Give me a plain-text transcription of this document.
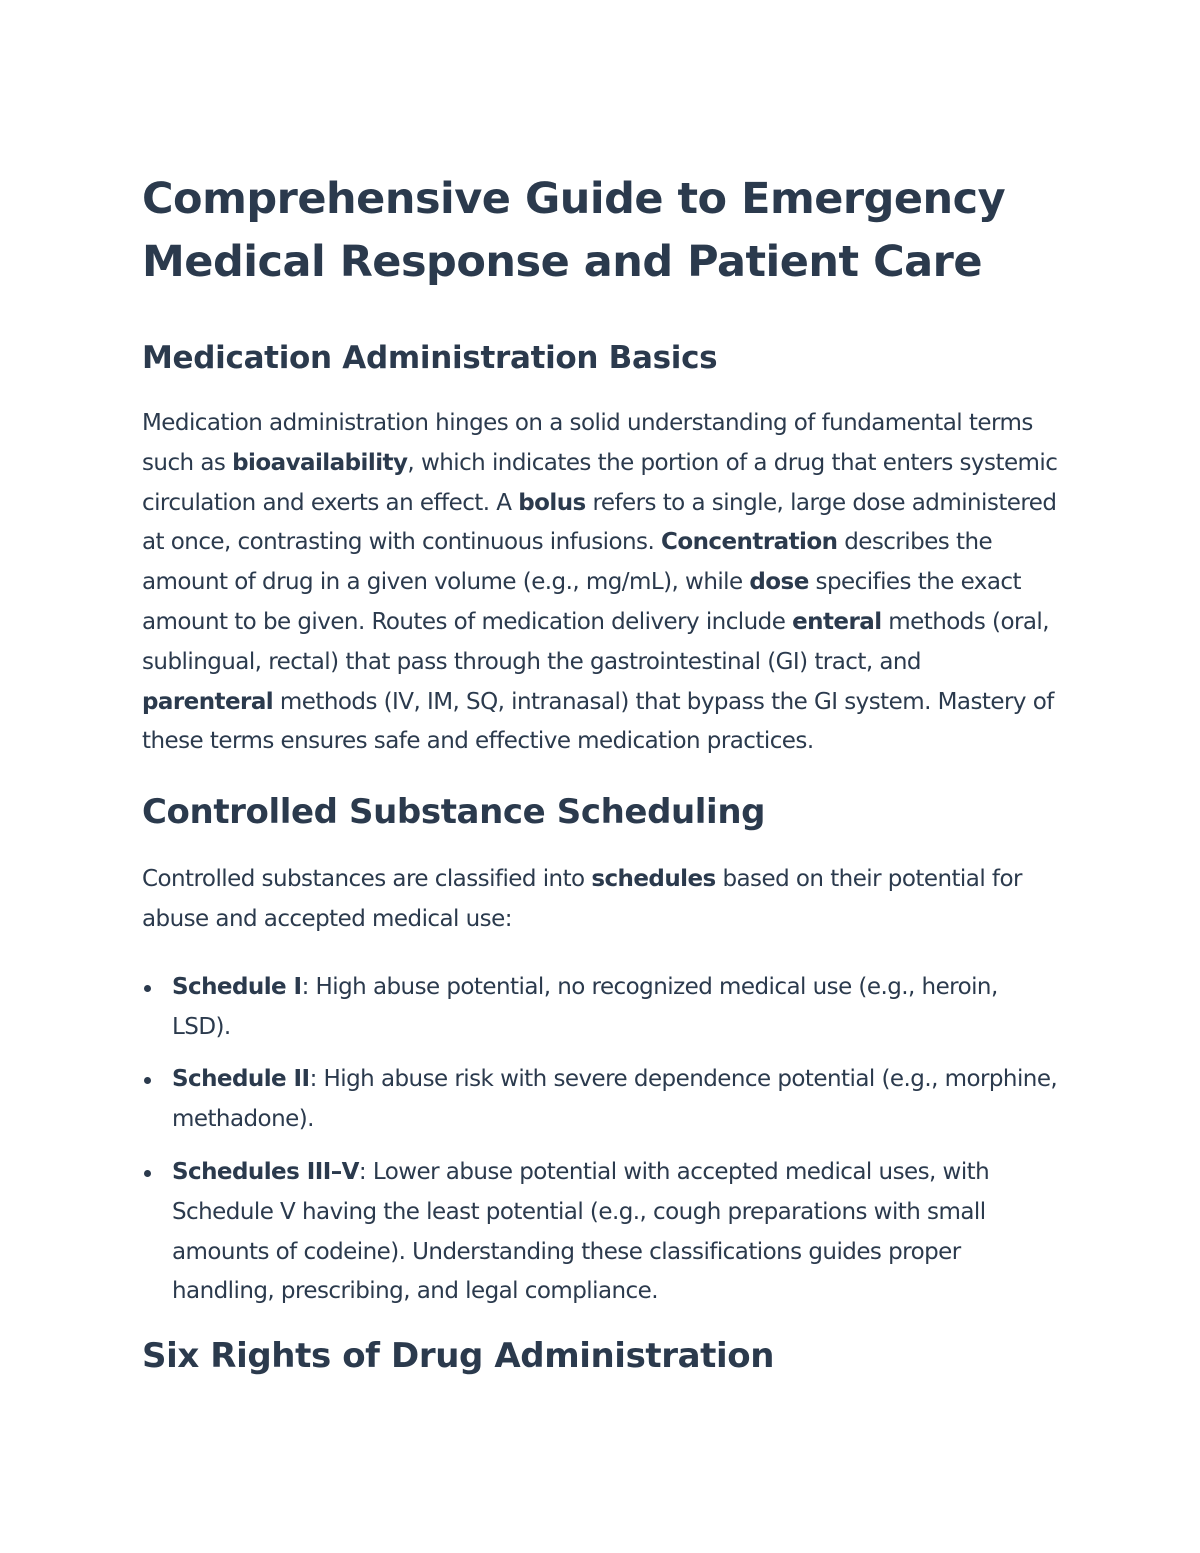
Comprehensive Guide to Emergency Medical Response and Patient Care
Medication Administration Basics

Medication administration hinges on a solid understanding of fundamental terms such as bioavailability, which indicates the portion of a drug that enters systemic circulation and exerts an effect. A bolus refers to a single, large dose administered at once, contrasting with continuous infusions. Concentration describes the amount of drug in a given volume (e.g., mg/mL), while dose specifies the exact amount to be given. Routes of medication delivery include enteral methods (oral, sublingual, rectal) that pass through the gastrointestinal (GI) tract, and parenteral methods (IV, IM, SQ, intranasal) that bypass the GI system. Mastery of these terms ensures safe and effective medication practices.

Controlled Substance Scheduling

Controlled substances are classified into schedules based on their potential for abuse and accepted medical use:

Schedule I: High abuse potential, no recognized medical use (e.g., heroin, LSD).
Schedule II: High abuse risk with severe dependence potential (e.g., morphine, methadone).
Schedules III–V: Lower abuse potential with accepted medical uses, with Schedule V having the least potential (e.g., cough preparations with small amounts of codeine). Understanding these classifications guides proper handling, prescribing, and legal compliance.
Six Rights of Drug Administration
